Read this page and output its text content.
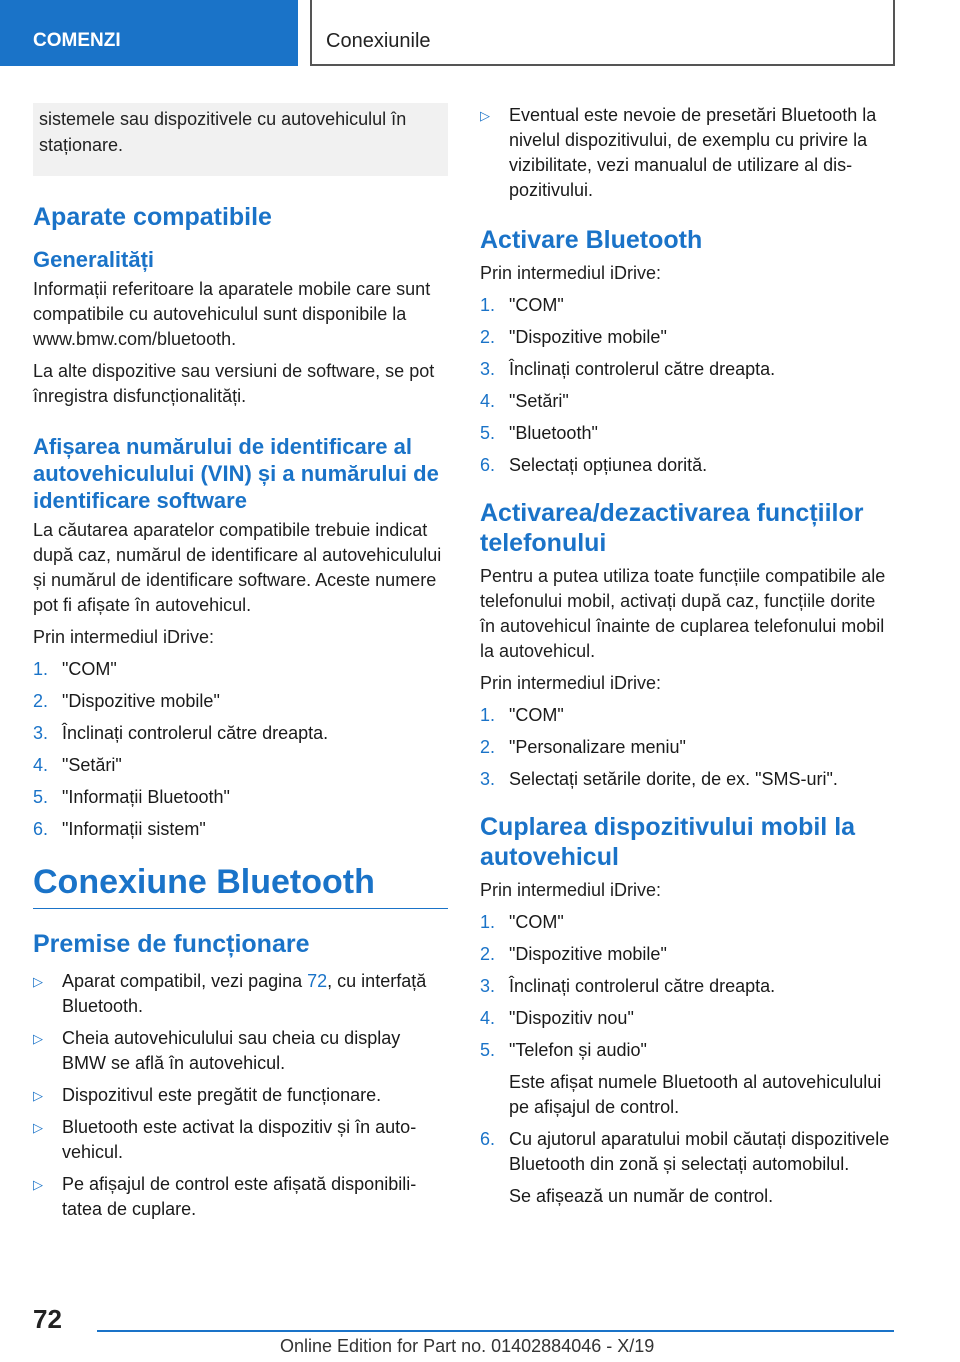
COMENZI	Conexiunile
sistemele sau dispozitivele cu autovehiculul în staționare.
Aparate compatibile
Generalități

Informații referitoare la aparatele mobile care sunt compatibile cu autovehiculul sunt disponibile la www.bmw.com/bluetooth.

La alte dispozitive sau versiuni de software, se pot înregistra disfuncționalități.

Afișarea numărului de identificare al autovehiculului (VIN) și a numărului de identificare software

La căutarea aparatelor compatibile trebuie indicat după caz, numărul de identificare al autovehiculului și numărul de identificare software. Aceste numere pot fi afișate în autovehicul.

Prin intermediul iDrive:

1. "COM"
2. "Dispozitive mobile"
3. Înclinați controlerul către dreapta.
4. "Setări"
5. "Informații Bluetooth"
6. "Informații sistem"
Conexiune Bluetooth
Premise de funcționare
▷	Aparat compatibil, vezi pagina 72, cu interfață Bluetooth.
▷	Cheia autovehiculului sau cheia cu display BMW se află în autovehicul.
▷	Dispozitivul este pregătit de funcționare.
▷	Bluetooth este activat la dispozitiv și în autovehicul.
▷	Pe afișajul de control este afișată disponibilitatea de cuplare.
▷	Eventual este nevoie de presetări Bluetooth la nivelul dispozitivului, de exemplu cu privire la vizibilitate, vezi manualul de utilizare al dispozitivului.
Activare Bluetooth

Prin intermediul iDrive:

1. "COM"
2. "Dispozitive mobile"
3. Înclinați controlerul către dreapta.
4. "Setări"
5. "Bluetooth"
6. Selectați opțiunea dorită.
Activarea/dezactivarea funcțiilor telefonului

Pentru a putea utiliza toate funcțiile compatibile ale telefonului mobil, activați după caz, funcțiile dorite în autovehicul înainte de cuplarea telefonului mobil la autovehicul.

Prin intermediul iDrive:

1. "COM"
2. "Personalizare meniu"
3. Selectați setările dorite, de ex. "SMS-uri".
Cuplarea dispozitivului mobil la autovehicul

Prin intermediul iDrive:

1. "COM"
2. "Dispozitive mobile"
3. Înclinați controlerul către dreapta.
4. "Dispozitiv nou"
5. "Telefon și audio"
Este afișat numele Bluetooth al autovehiculului pe afișajul de control.
6. Cu ajutorul aparatului mobil căutați dispozitivele Bluetooth din zonă și selectați automobilul.
Se afișează un număr de control.
72
Online Edition for Part no. 01402884046 - X/19
